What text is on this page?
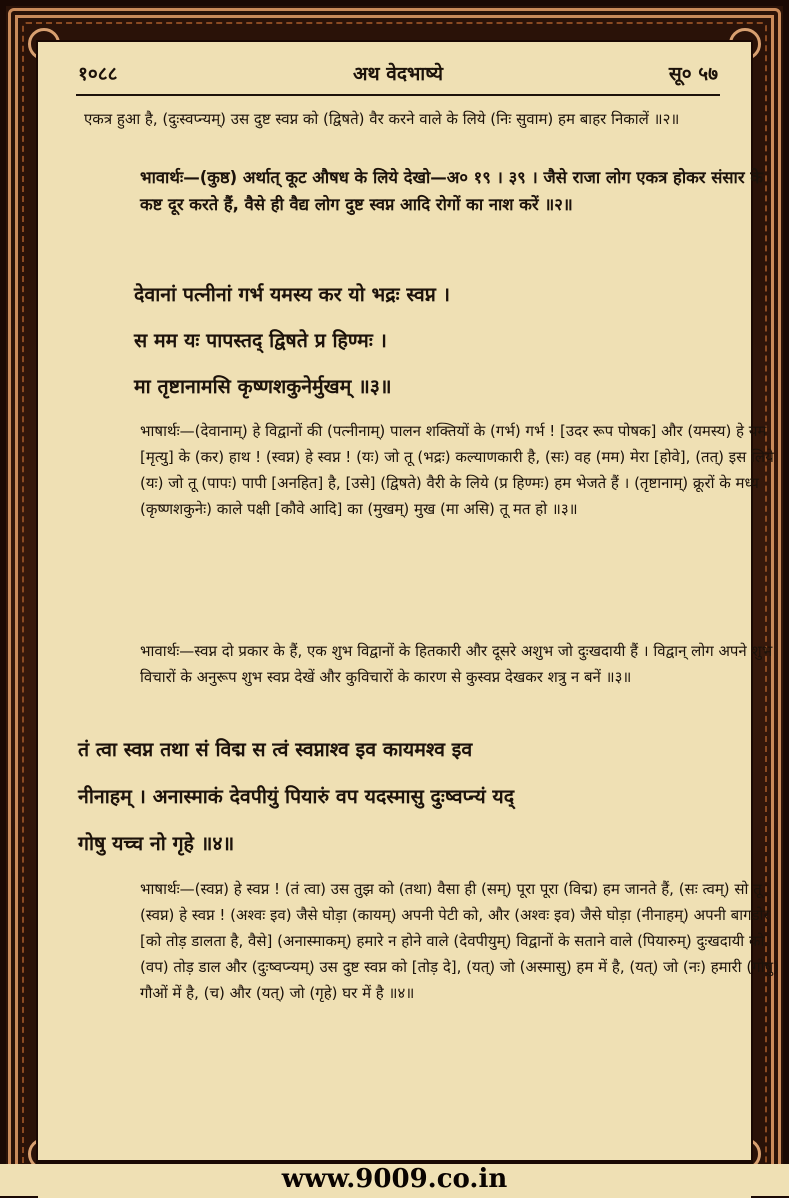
अथ वेदभाष्ये
१०८८	सू० ५७

एकत्र हुआ है, (दुःस्वप्न्यम्) उस दुष्ट स्वप्न को (द्विषते) वैर करने वाले के लिये (निः सुवाम) हम बाहर निकालें ॥२॥

भावार्थः—(कुष्ठ) अर्थात् कूट औषध के लिये देखो—अ० १९ । ३९ । जैसे राजा लोग एकत्र होकर संसार के कष्ट दूर करते हैं, वैसे ही वैद्य लोग दुष्ट स्वप्न आदि रोगों का नाश करें ॥२॥

देवानां पत्नीनां गर्भ यमस्य कर यो भद्रः स्वप्न ।
स मम यः पापस्तद् द्विषते प्र हिण्मः ।
मा तृष्टानामसि कृष्णशकुनेर्मुखम् ॥३॥

भाषार्थः—(देवानाम्) हे विद्वानों की (पत्नीनाम्) पालन शक्तियों के (गर्भ) गर्भ ! [उदर रूप पोषक] और (यमस्य) हे यम [मृत्यु] के (कर) हाथ ! (स्वप्न) हे स्वप्न ! (यः) जो तू (भद्रः) कल्याणकारी है, (सः) वह (मम) मेरा [होवे], (तत्) इस लिये (यः) जो तू (पापः) पापी [अनहित] है, [उसे] (द्विषते) वैरी के लिये (प्र हिण्मः) हम भेजते हैं । (तृष्टानाम्) क्रूरों के मध्य (कृष्णशकुनेः) काले पक्षी [कौवे आदि] का (मुखम्) मुख (मा असि) तू मत हो ॥३॥

भावार्थः—स्वप्न दो प्रकार के हैं, एक शुभ विद्वानों के हितकारी और दूसरे अशुभ जो दुःखदायी हैं । विद्वान् लोग अपने शुभ विचारों के अनुरूप शुभ स्वप्न देखें और कुविचारों के कारण से कुस्वप्न देखकर शत्रु न बनें ॥३॥

तं त्वा स्वप्न तथा सं विद्म स त्वं स्वप्नाश्व इव कायमश्व इव
नीनाहम् । अनास्माकं देवपीयुं पियारुं वप यदस्मासु दुःष्वप्न्यं यद्
गोषु यच्च नो गृहे ॥४॥

भाषार्थः—(स्वप्न) हे स्वप्न ! (तं त्वा) उस तुझ को (तथा) वैसा ही (सम्) पूरा पूरा (विद्म) हम जानते हैं, (सः त्वम्) सो तू (स्वप्न) हे स्वप्न ! (अश्वः इव) जैसे घोड़ा (कायम्) अपनी पेटी को, और (अश्वः इव) जैसे घोड़ा (नीनाहम्) अपनी बागडोर [को तोड़ डालता है, वैसे] (अनास्माकम्) हमारे न होने वाले (देवपीयुम्) विद्वानों के सताने वाले (पियारुम्) दुःखदायी को (वप) तोड़ डाल और (दुःष्वप्न्यम्) उस दुष्ट स्वप्न को [तोड़ दे], (यत्) जो (अस्मासु) हम में है, (यत्) जो (नः) हमारी (गोषु) गौओं में है, (च) और (यत्) जो (गृहे) घर में है ॥४॥

www.9009.co.in
